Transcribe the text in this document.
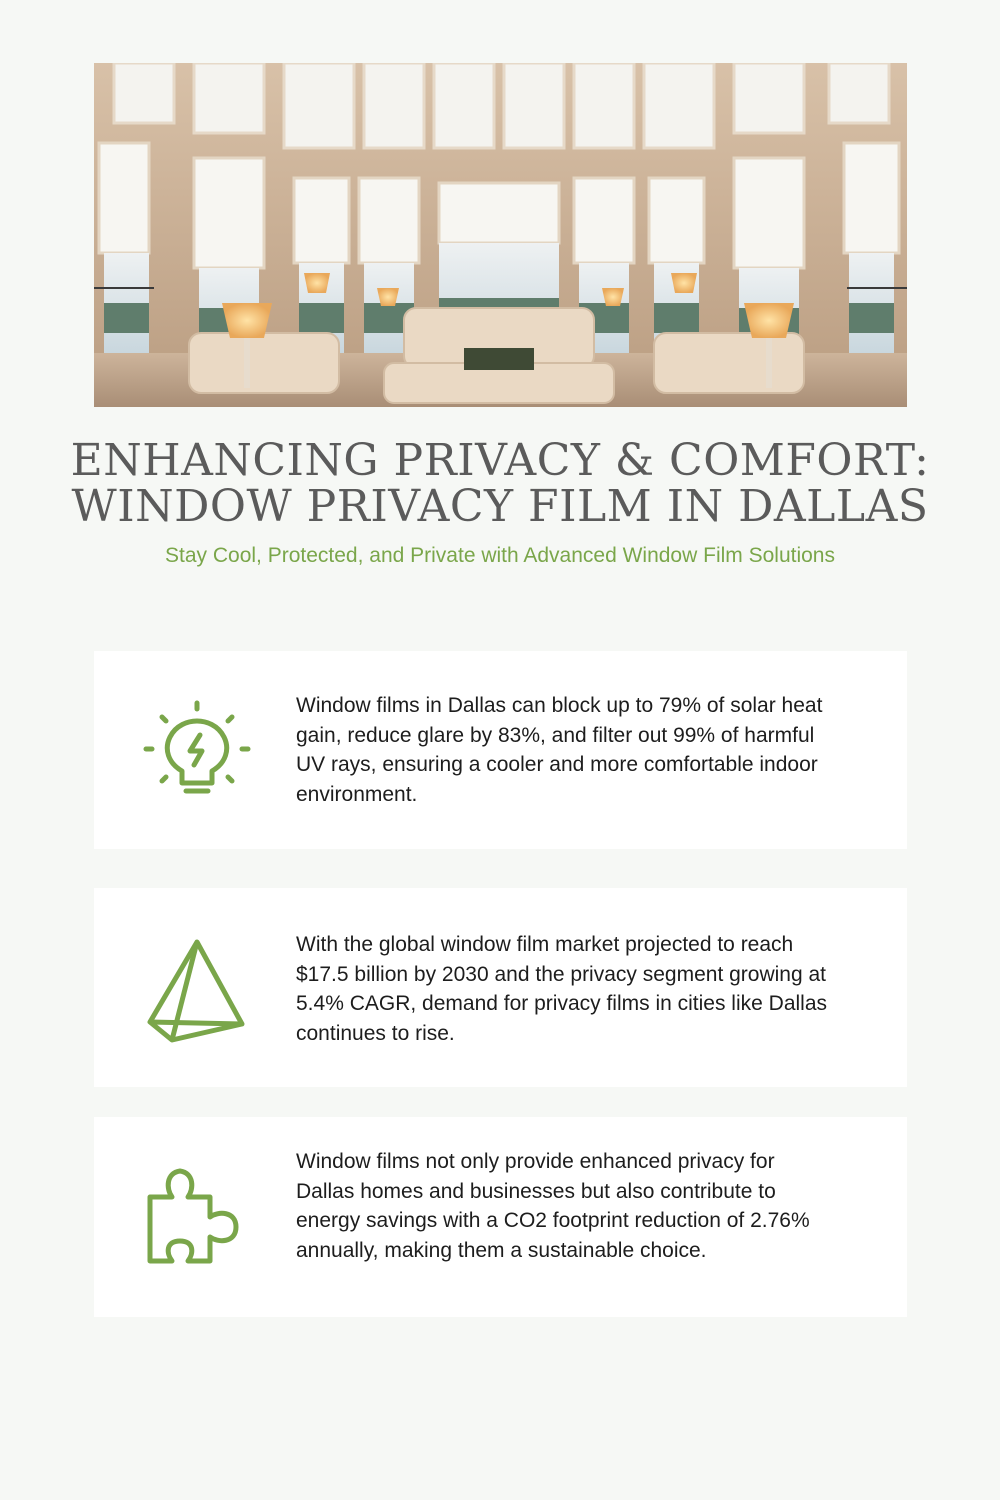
ENHANCING PRIVACY & COMFORT:
WINDOW PRIVACY FILM IN DALLAS

Stay Cool, Protected, and Private with Advanced Window Film Solutions

Window films in Dallas can block up to 79% of solar heat gain, reduce glare by 83%, and filter out 99% of harmful UV rays, ensuring a cooler and more comfortable indoor environment.

With the global window film market projected to reach $17.5 billion by 2030 and the privacy segment growing at 5.4% CAGR, demand for privacy films in cities like Dallas continues to rise.

Window films not only provide enhanced privacy for Dallas homes and businesses but also contribute to energy savings with a CO2 footprint reduction of 2.76% annually, making them a sustainable choice.
